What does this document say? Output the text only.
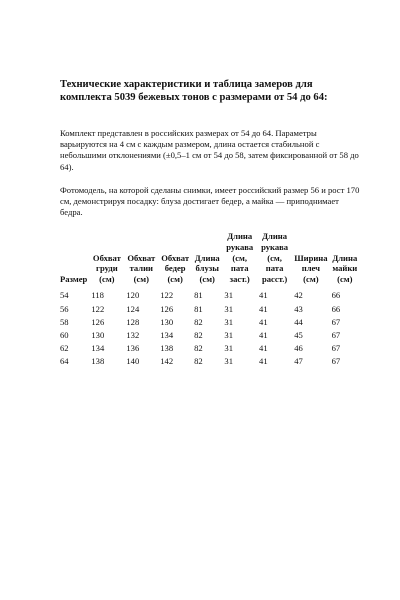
Технические характеристики и таблица замеров для комплекта 5039 бежевых тонов с размерами от 54 до 64:

Комплект представлен в российских размерах от 54 до 64. Параметры варьируются на 4 см с каждым размером, длина остается стабильной с небольшими отклонениями (±0,5–1 см от 54 до 58, затем фиксированной от 58 до 64).

Фотомодель, на которой сделаны снимки, имеет российский размер 56 и рост 170 см, демонстрируя посадку: блуза достигает бедер, а майка — приподнимает бедра.

Размер	Обхват
груди
(см)	Обхват
талии
(см)	Обхват
бедер
(см)	Длина
блузы
(см)	Длина
рукава
(см,
пата
заст.)	Длина
рукава
(см,
пата
расст.)	Ширина
плеч
(см)	Длина
майки
(см)
54	118	120	122	81	31	41	42	66
56	122	124	126	81	31	41	43	66
58	126	128	130	82	31	41	44	67
60	130	132	134	82	31	41	45	67
62	134	136	138	82	31	41	46	67
64	138	140	142	82	31	41	47	67
